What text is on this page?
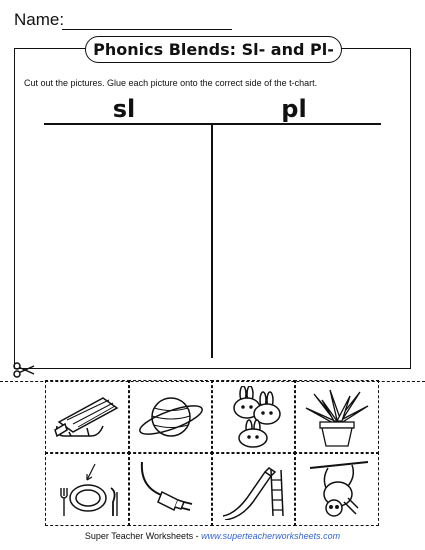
Name:
Phonics Blends: Sl- and Pl-
Cut out the pictures. Glue each picture onto the correct side of the t-chart.
sl	pl
Super Teacher Worksheets - www.superteacherworksheets.com
